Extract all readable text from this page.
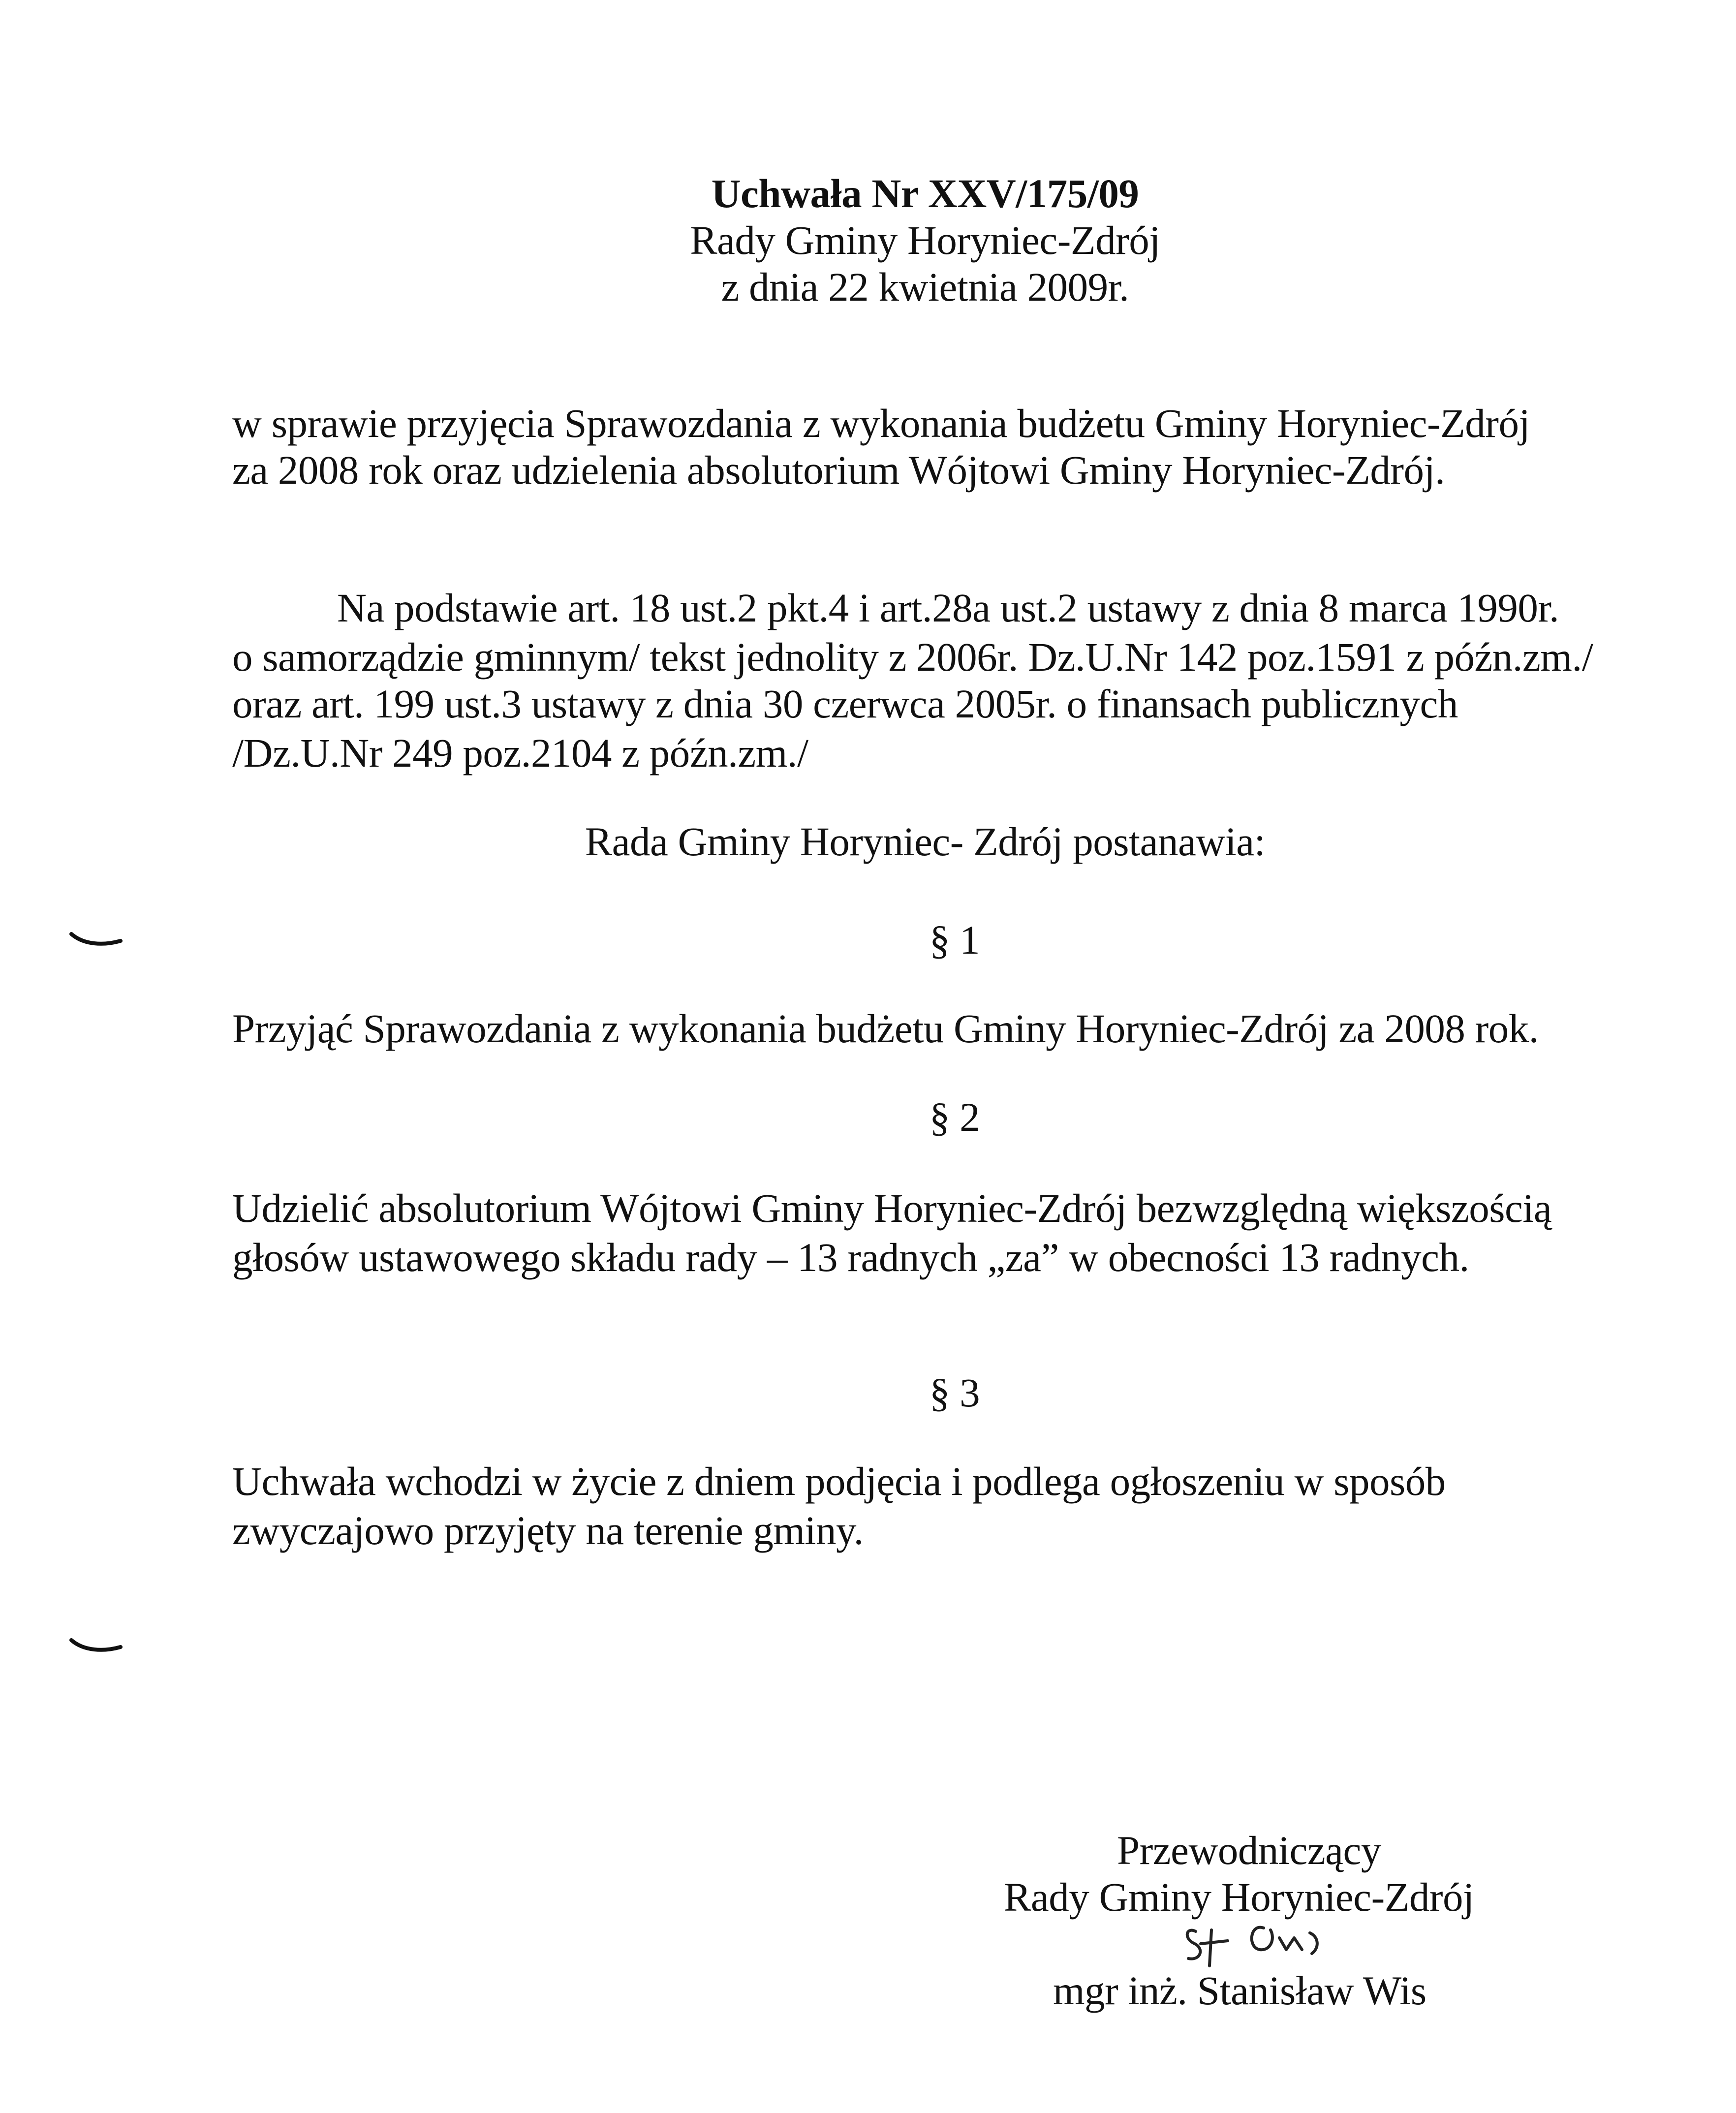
Uchwała Nr XXV/175/09
Rady Gminy Horyniec-Zdrój
z dnia 22 kwietnia 2009r.
w sprawie przyjęcia Sprawozdania z wykonania budżetu Gminy Horyniec-Zdrój
za 2008 rok oraz udzielenia absolutorium Wójtowi Gminy Horyniec-Zdrój.
Na podstawie art. 18 ust.2 pkt.4 i art.28a ust.2 ustawy z dnia 8 marca 1990r.
o samorządzie gminnym/ tekst jednolity z 2006r. Dz.U.Nr 142 poz.1591 z późn.zm./
oraz art. 199 ust.3 ustawy z dnia 30 czerwca 2005r. o finansach publicznych
/Dz.U.Nr 249 poz.2104 z późn.zm./
Rada Gminy Horyniec- Zdrój postanawia:
§ 1
Przyjąć Sprawozdania z wykonania budżetu Gminy Horyniec-Zdrój za 2008 rok.
§ 2
Udzielić absolutorium Wójtowi Gminy Horyniec-Zdrój bezwzględną większością
głosów ustawowego składu rady – 13 radnych „za” w obecności 13 radnych.
§ 3
Uchwała wchodzi w życie z dniem podjęcia i podlega ogłoszeniu w sposób
zwyczajowo przyjęty na terenie gminy.
Przewodniczący
Rady Gminy Horyniec-Zdrój
mgr inż. Stanisław Wis
